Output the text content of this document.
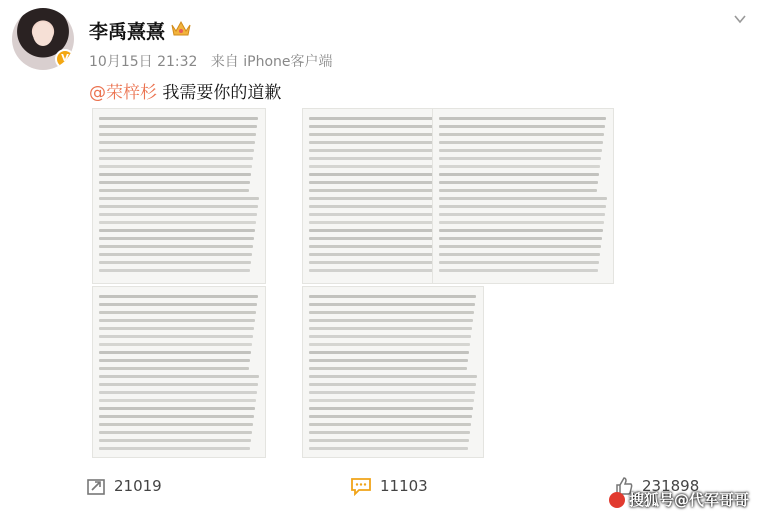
V
李禹熹熹
10月15日 21:32 来自 iPhone客户端
@荣梓杉 我需要你的道歉
21019	11103	231898
搜狐号@代军哥哥
